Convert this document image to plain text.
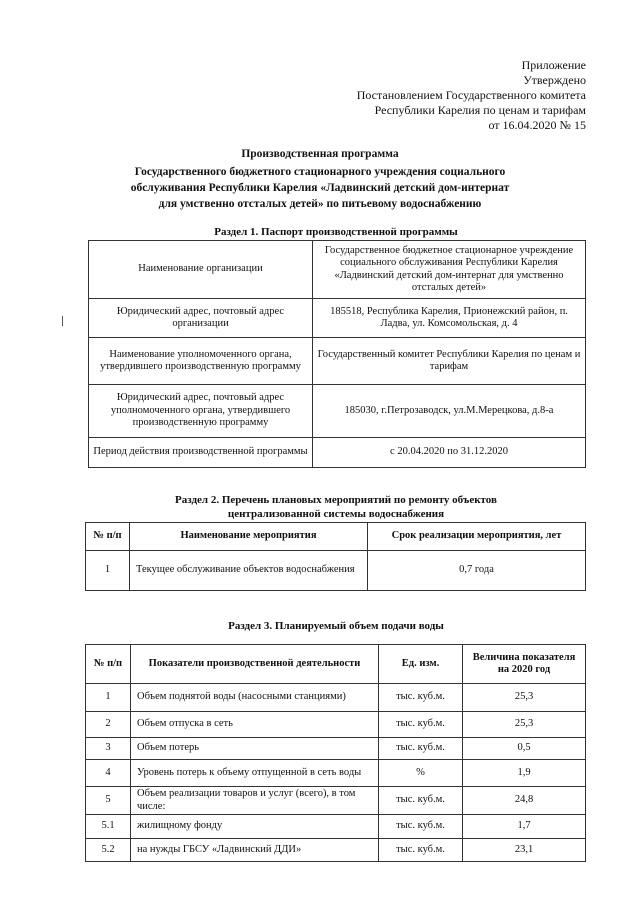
Приложение
Утверждено
Постановлением Государственного комитета
Республики Карелия по ценам и тарифам
от 16.04.2020 № 15
Производственная программа
Государственного бюджетного стационарного учреждения социального
обслуживания Республики Карелия «Ладвинский детский дом-интернат
для умственно отсталых детей» по питьевому водоснабжению
Раздел 1. Паспорт производственной программы
Наименование организации	Государственное бюджетное стационарное учреждение социального обслуживания Республики Карелия «Ладвинский детский дом-интернат для умственно отсталых детей»
Юридический адрес, почтовый адрес организации	185518, Республика Карелия, Прионежский район, п. Ладва, ул. Комсомольская, д. 4
Наименование уполномоченного органа, утвердившего производственную программу	Государственный комитет Республики Карелия по ценам и тарифам
Юридический адрес, почтовый адрес уполномоченного органа, утвердившего производственную программу	185030, г.Петрозаводск, ул.М.Мерецкова, д.8-а
Период действия производственной программы	с 20.04.2020 по 31.12.2020
Раздел 2. Перечень плановых мероприятий по ремонту объектов
централизованной системы водоснабжения
№ п/п	Наименование мероприятия	Срок реализации мероприятия, лет
1	Текущее обслуживание объектов водоснабжения	0,7 года
Раздел 3. Планируемый объем подачи воды
№ п/п	Показатели производственной деятельности	Ед. изм.	Величина показателя на 2020 год
1	Объем поднятой воды (насосными станциями)	тыс. куб.м.	25,3
2	Объем отпуска в сеть	тыс. куб.м.	25,3
3	Объем потерь	тыс. куб.м.	0,5
4	Уровень потерь к объему отпущенной в сеть воды	%	1,9
5	Объем реализации товаров и услуг (всего), в том числе:	тыс. куб.м.	24,8
5.1	жилищному фонду	тыс. куб.м.	1,7
5.2	на нужды ГБСУ «Ладвинский ДДИ»	тыс. куб.м.	23,1
